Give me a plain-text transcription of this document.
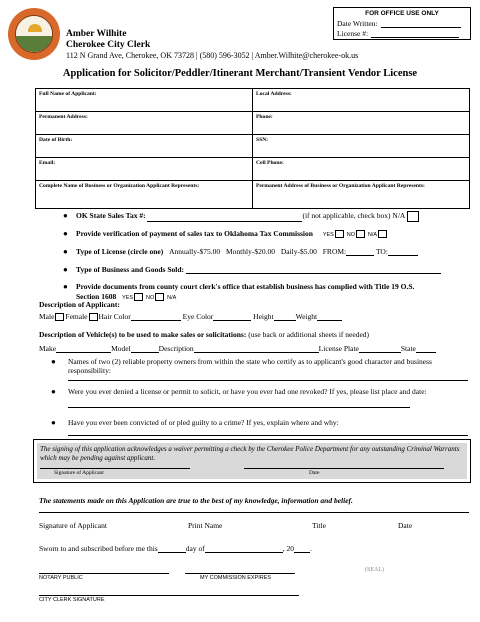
Amber Wilhite
Cherokee City Clerk
112 N Grand Ave, Cherokee, OK 73728 | (580) 596-3052 | Amber.Wilhite@cherokee-ok.us
FOR OFFICE USE ONLY
Date Written:
License #:
Application for Solicitor/Peddler/Itinerant Merchant/Transient Vendor License
Full Name of Applicant:	Local Address:
Permanent Address:	Phone:
Date of Birth:	SSN:
Email:	Cell Phone:
Complete Name of Business or Organization Applicant Represents:	Permanent Address of Business or Organization Applicant Represents:
● OK State Sales Tax #:	(if not applicable, check box) N/A
● Provide verification of payment of sales tax to Oklahoma Tax Commission YES NO N/A
● Type of License (circle one) Annually-$75.00 Monthly-$20.00 Daily-$5.00 FROM:	TO:
● Type of Business and Goods Sold:
● Provide documents from county court clerk's office that establish business has complied with Title 19 O.S.
Section 1608 YES NO N/A
Description of Applicant:
Male Female Hair Color	Eye Color	Height	Weight
Description of Vehicle(s) to be used to make sales or solicitations: (use back or additional sheets if needed)
Make	Model	Description	License Plate	State
● Names of two (2) reliable property owners from within the state who certify as to applicant's good character and business responsibility:
● Were you ever denied a license or permit to solicit, or have you ever had one revoked? If yes, please list place and date:
● Have you ever been convicted of or pled guilty to a crime? If yes, explain where and why:
The signing of this application acknowledges a waiver permitting a check by the Cherokee Police Department for any outstanding Criminal Warrants which may be pending against applicant.
Signature of Applicant	Date
The statements made on this Application are true to the best of my knowledge, information and belief.
Signature of Applicant	Print Name	Title	Date
Sworn to and subscribed before me this	day of	, 20 .
(SEAL)
NOTARY PUBLIC	MY COMMISSION EXPIRES
CITY CLERK SIGNATURE
